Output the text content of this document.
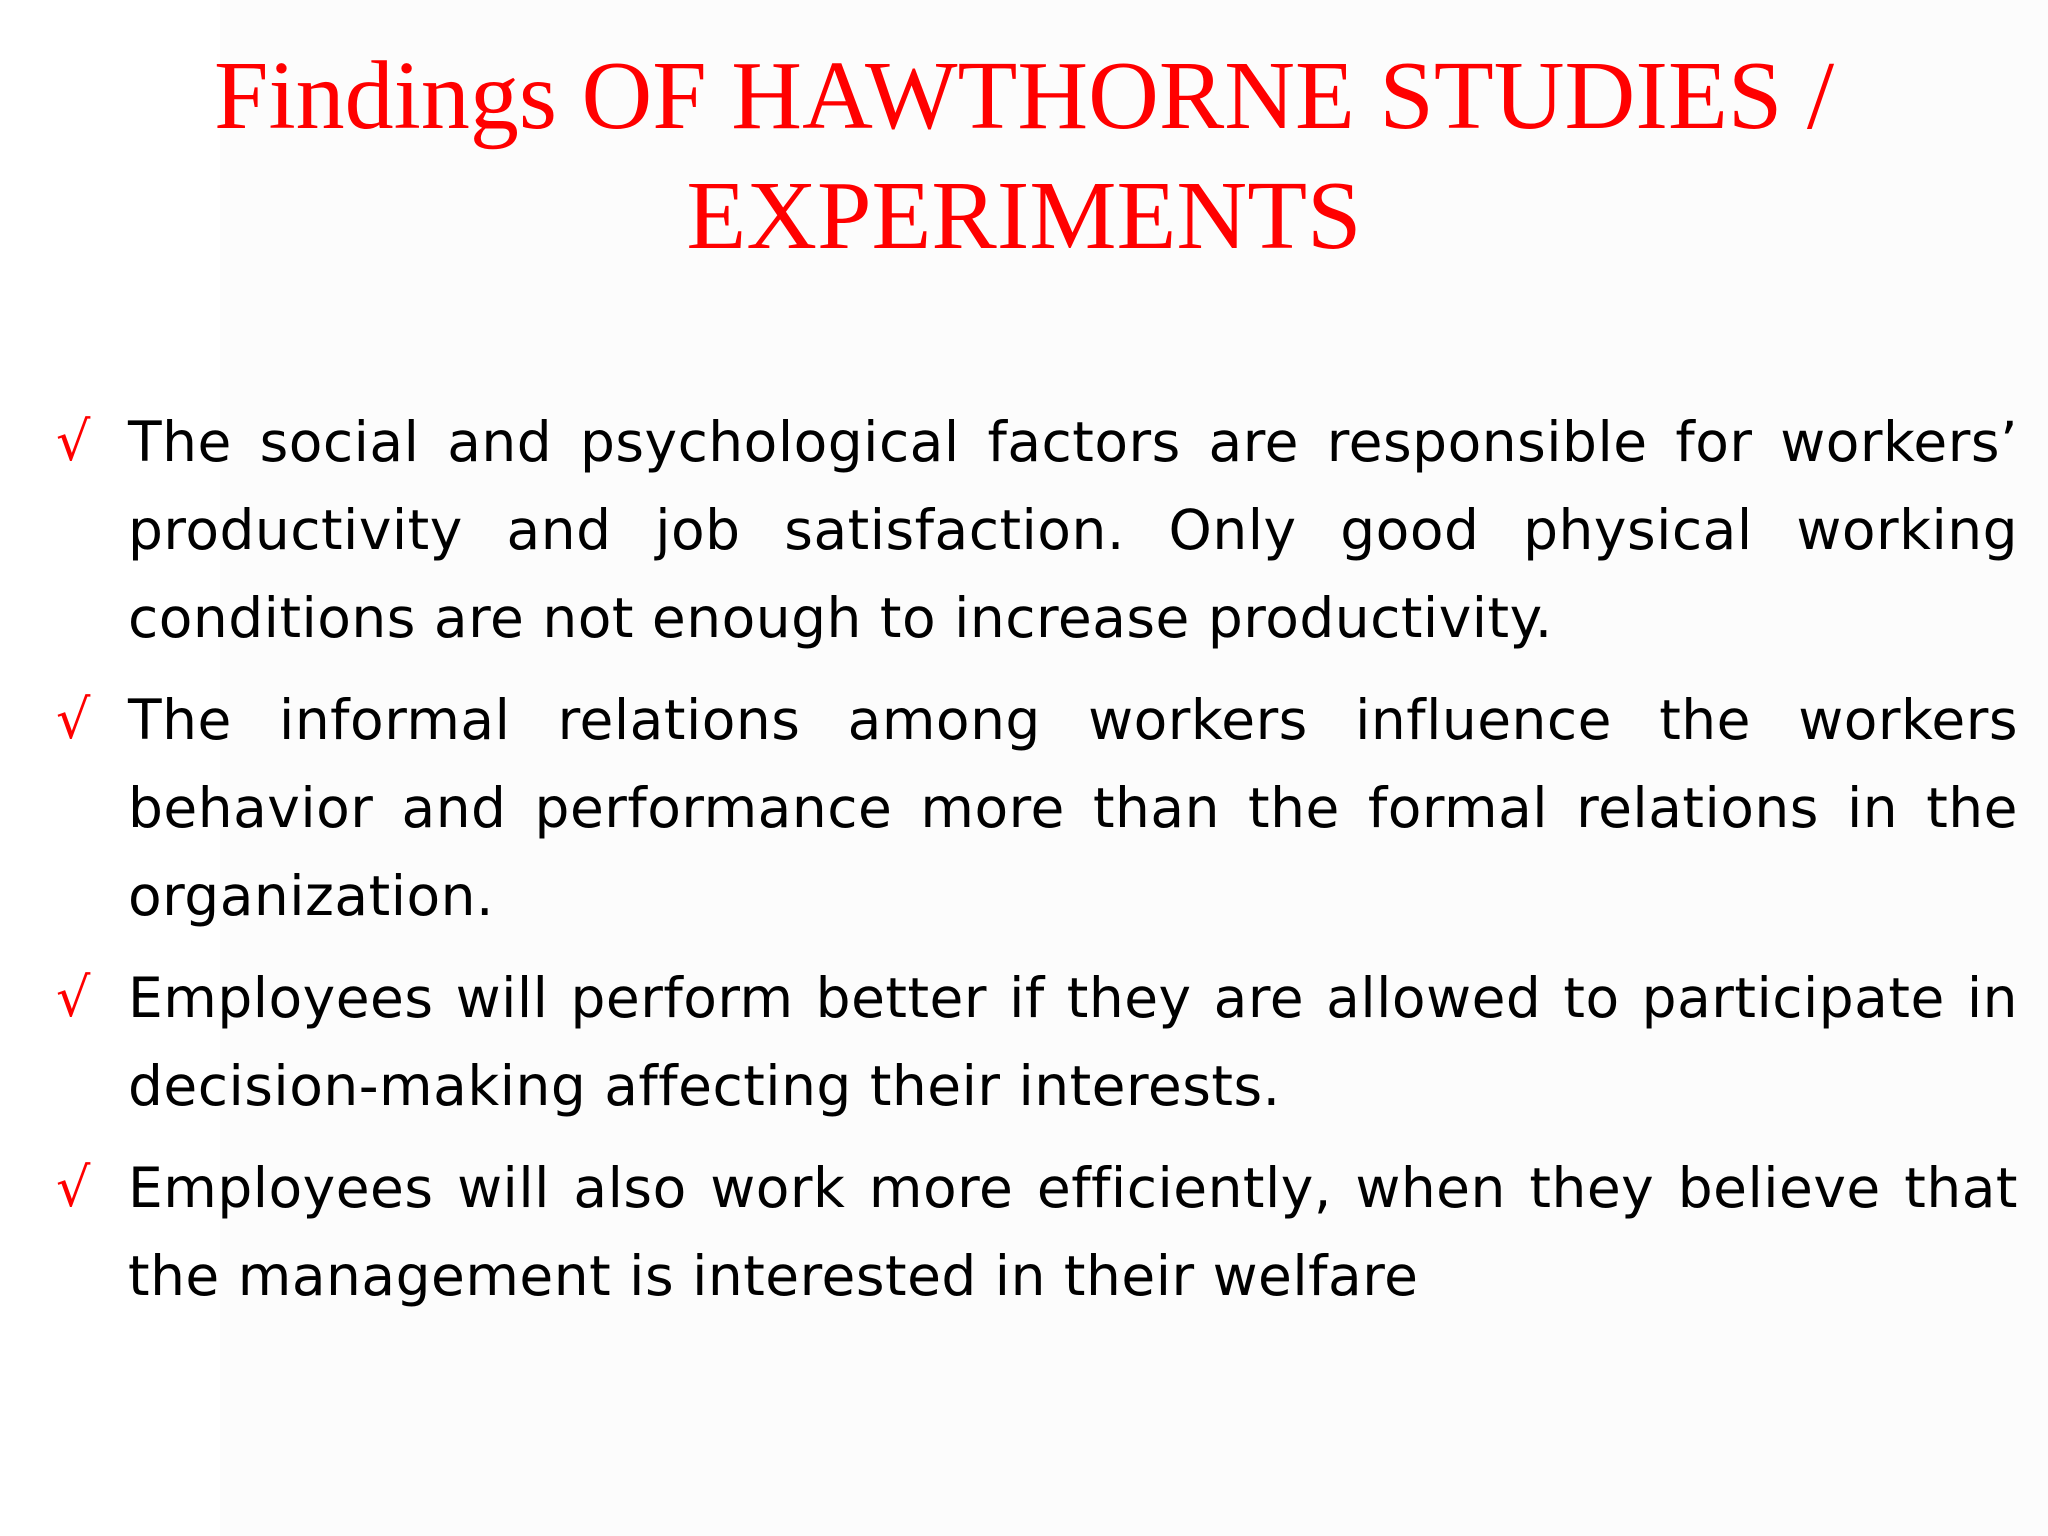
Findings OF HAWTHORNE STUDIES /
EXPERIMENTS
√ The social and psychological factors are responsible for workers’ productivity and job satisfaction. Only good physical working conditions are not enough to increase productivity.
√ The informal relations among workers influence the workers behavior and performance more than the formal relations in the organization.
√ Employees will perform better if they are allowed to participate in decision-making affecting their interests.
√ Employees will also work more efficiently, when they believe that the management is interested in their welfare
